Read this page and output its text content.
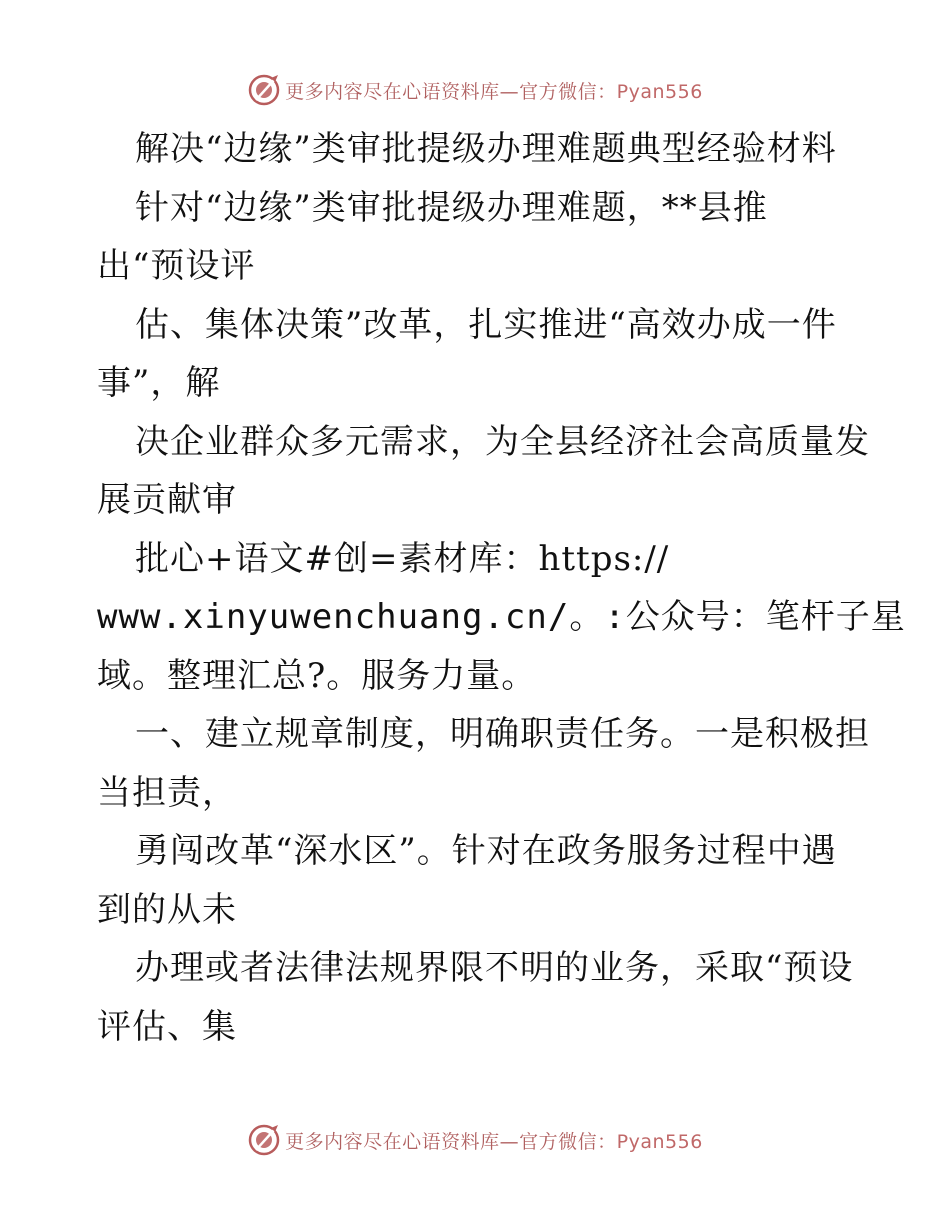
更多内容尽在心语资料库—官方微信：Pyan556
解决“边缘”类审批提级办理难题典型经验材料
针对“边缘”类审批提级办理难题，**县推
出“预设评
估、集体决策”改革，扎实推进“高效办成一件
事”，解
决企业群众多元需求，为全县经济社会高质量发
展贡献审
批心+语文#创=素材库：https://
www.xinyuwenchuang.cn/。:公众号：笔杆子星
域。整理汇总?。服务力量。
一、建立规章制度，明确职责任务。一是积极担
当担责，
勇闯改革“深水区”。针对在政务服务过程中遇
到的从未
办理或者法律法规界限不明的业务，采取“预设
评估、集
更多内容尽在心语资料库—官方微信：Pyan556
